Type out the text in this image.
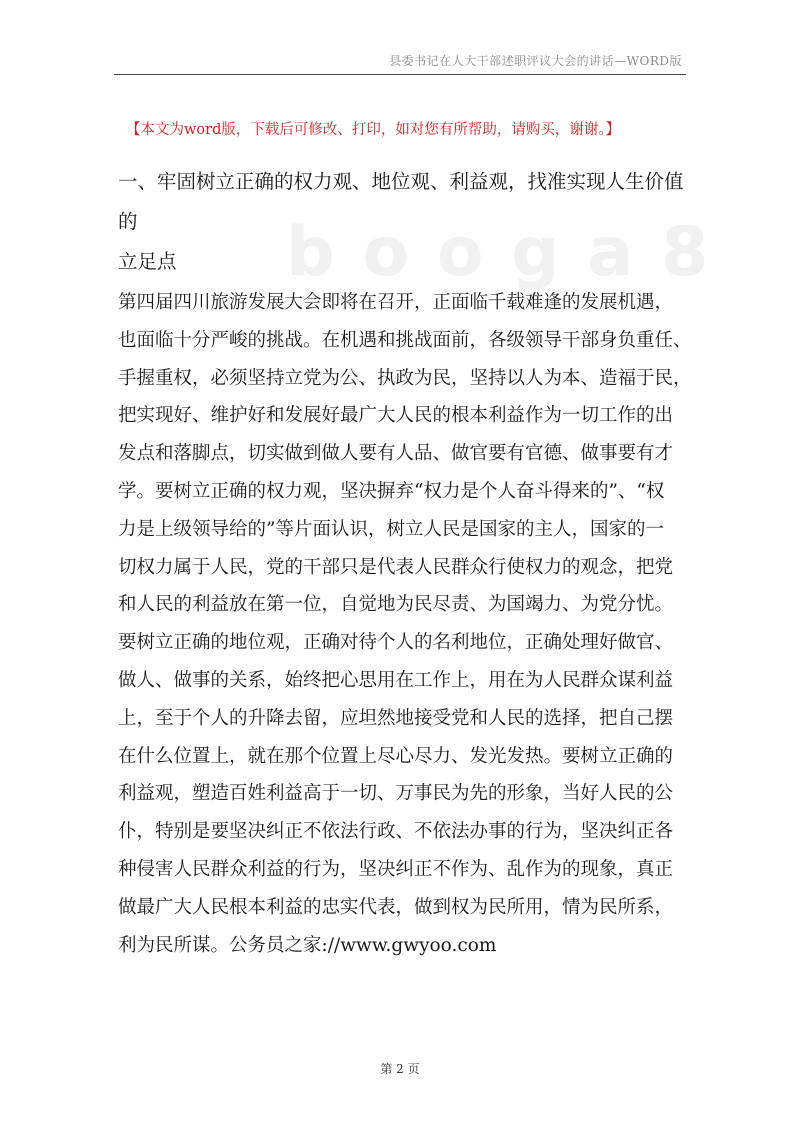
县委书记在人大干部述职评议大会的讲话—WORD版
b o o g a 8
【本文为word版，下载后可修改、打印，如对您有所帮助，请购买，谢谢。】
一、牢固树立正确的权力观、地位观、利益观，找准实现人生价值的
立足点
第四届四川旅游发展大会即将在召开，正面临千载难逢的发展机遇，
也面临十分严峻的挑战。在机遇和挑战面前，各级领导干部身负重任、
手握重权，必须坚持立党为公、执政为民，坚持以人为本、造福于民，
把实现好、维护好和发展好最广大人民的根本利益作为一切工作的出
发点和落脚点，切实做到做人要有人品、做官要有官德、做事要有才
学。要树立正确的权力观，坚决摒弃“权力是个人奋斗得来的”、“权
力是上级领导给的”等片面认识，树立人民是国家的主人，国家的一
切权力属于人民，党的干部只是代表人民群众行使权力的观念，把党
和人民的利益放在第一位，自觉地为民尽责、为国竭力、为党分忧。
要树立正确的地位观，正确对待个人的名利地位，正确处理好做官、
做人、做事的关系，始终把心思用在工作上，用在为人民群众谋利益
上，至于个人的升降去留，应坦然地接受党和人民的选择，把自己摆
在什么位置上，就在那个位置上尽心尽力、发光发热。要树立正确的
利益观，塑造百姓利益高于一切、万事民为先的形象，当好人民的公
仆，特别是要坚决纠正不依法行政、不依法办事的行为，坚决纠正各
种侵害人民群众利益的行为，坚决纠正不作为、乱作为的现象，真正
做最广大人民根本利益的忠实代表，做到权为民所用，情为民所系，
利为民所谋。公务员之家://www.gwyoo.com
第 2 页
